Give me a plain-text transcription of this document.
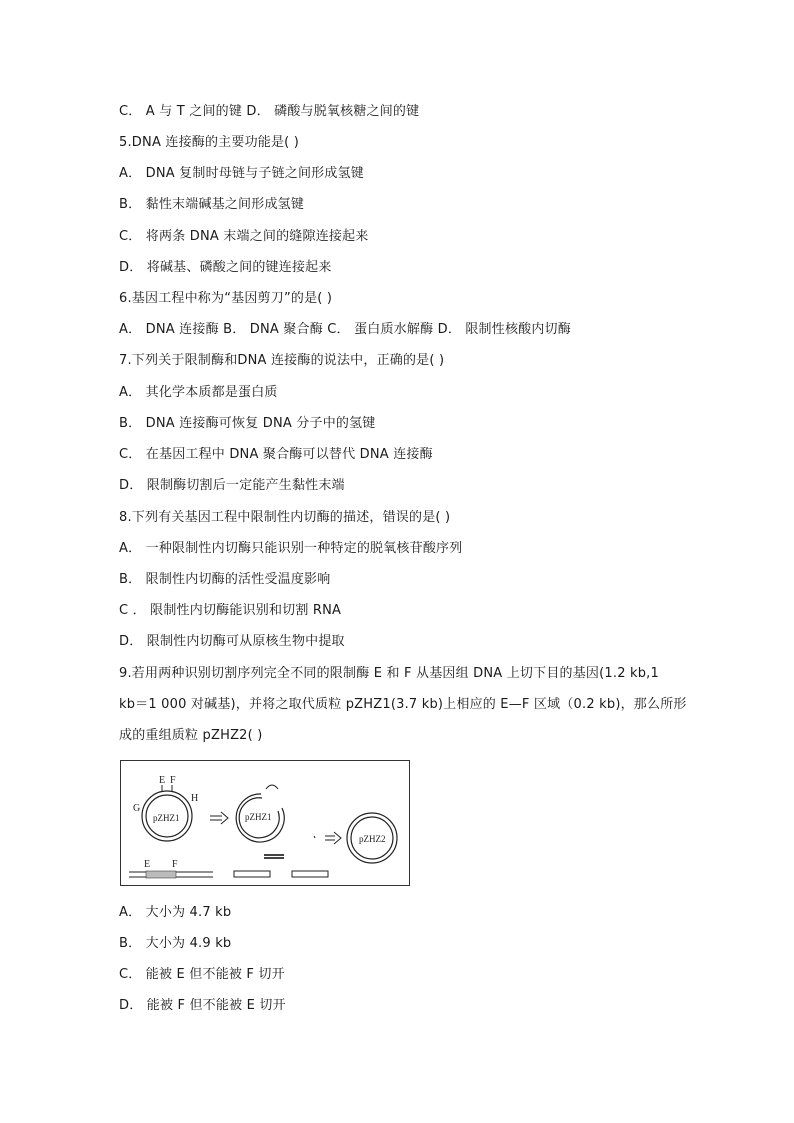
C． A 与 T 之间的键 D． 磷酸与脱氧核糖之间的键
5.DNA 连接酶的主要功能是( )
A． DNA 复制时母链与子链之间形成氢键
B． 黏性末端碱基之间形成氢键
C． 将两条 DNA 末端之间的缝隙连接起来
D． 将碱基、磷酸之间的键连接起来
6.基因工程中称为“基因剪刀”的是( )
A． DNA 连接酶 B． DNA 聚合酶 C． 蛋白质水解酶 D． 限制性核酸内切酶
7.下列关于限制酶和DNA 连接酶的说法中，正确的是( )
A． 其化学本质都是蛋白质
B． DNA 连接酶可恢复 DNA 分子中的氢键
C． 在基因工程中 DNA 聚合酶可以替代 DNA 连接酶
D． 限制酶切割后一定能产生黏性末端
8.下列有关基因工程中限制性内切酶的描述，错误的是( )
A． 一种限制性内切酶只能识别一种特定的脱氧核苷酸序列
B． 限制性内切酶的活性受温度影响
C ． 限制性内切酶能识别和切割 RNA
D． 限制性内切酶可从原核生物中提取
9.若用两种识别切割序列完全不同的限制酶 E 和 F 从基因组 DNA 上切下目的基因(1.2 kb,1
kb＝1 000 对碱基)，并将之取代质粒 pZHZ1(3.7 kb)上相应的 E—F 区域（0.2 kb)，那么所形
成的重组质粒 pZHZ2( )
E F
G
H
pZHZ1	pZHZ1
pZHZ2
E F
A． 大小为 4.7 kb
B． 大小为 4.9 kb
C． 能被 E 但不能被 F 切开
D． 能被 F 但不能被 E 切开
